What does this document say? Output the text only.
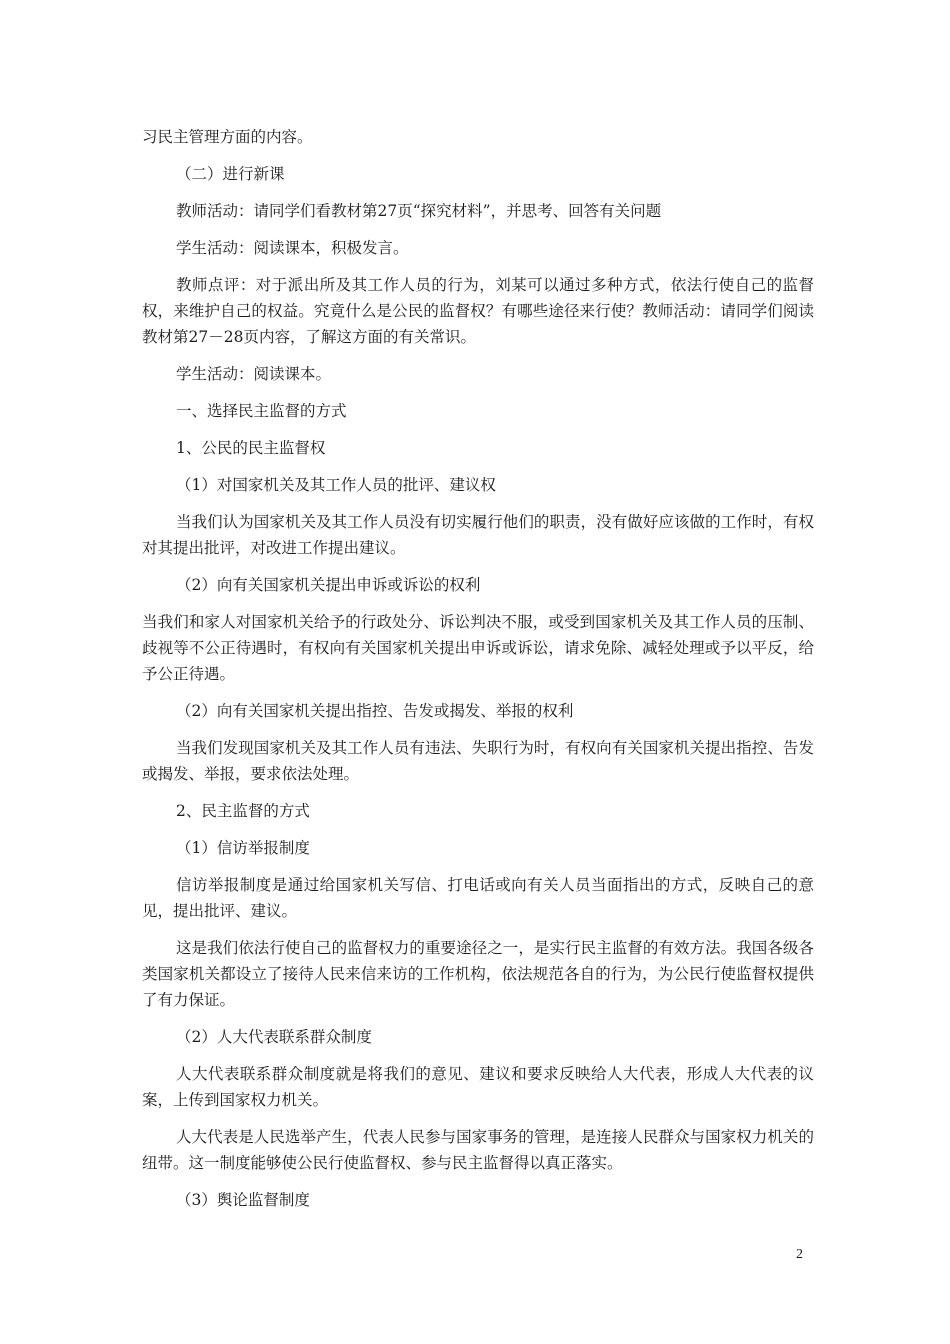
习民主管理方面的内容。

（二）进行新课

教师活动：请同学们看教材第27页“探究材料”，并思考、回答有关问题

学生活动：阅读课本，积极发言。

教师点评：对于派出所及其工作人员的行为，刘某可以通过多种方式，依法行使自己的监督权，来维护自己的权益。究竟什么是公民的监督权？有哪些途径来行使？教师活动：请同学们阅读教材第27－28页内容，了解这方面的有关常识。

学生活动：阅读课本。

一、选择民主监督的方式

1、公民的民主监督权

（1）对国家机关及其工作人员的批评、建议权

当我们认为国家机关及其工作人员没有切实履行他们的职责，没有做好应该做的工作时，有权对其提出批评，对改进工作提出建议。

（2）向有关国家机关提出申诉或诉讼的权利

当我们和家人对国家机关给予的行政处分、诉讼判决不服，或受到国家机关及其工作人员的压制、歧视等不公正待遇时，有权向有关国家机关提出申诉或诉讼，请求免除、减轻处理或予以平反，给予公正待遇。

（2）向有关国家机关提出指控、告发或揭发、举报的权利

当我们发现国家机关及其工作人员有违法、失职行为时，有权向有关国家机关提出指控、告发或揭发、举报，要求依法处理。

2、民主监督的方式

（1）信访举报制度

信访举报制度是通过给国家机关写信、打电话或向有关人员当面指出的方式，反映自己的意见，提出批评、建议。

这是我们依法行使自己的监督权力的重要途径之一，是实行民主监督的有效方法。我国各级各类国家机关都设立了接待人民来信来访的工作机构，依法规范各自的行为，为公民行使监督权提供了有力保证。

（2）人大代表联系群众制度

人大代表联系群众制度就是将我们的意见、建议和要求反映给人大代表，形成人大代表的议案，上传到国家权力机关。

人大代表是人民选举产生，代表人民参与国家事务的管理，是连接人民群众与国家权力机关的纽带。这一制度能够使公民行使监督权、参与民主监督得以真正落实。

（3）舆论监督制度

2
